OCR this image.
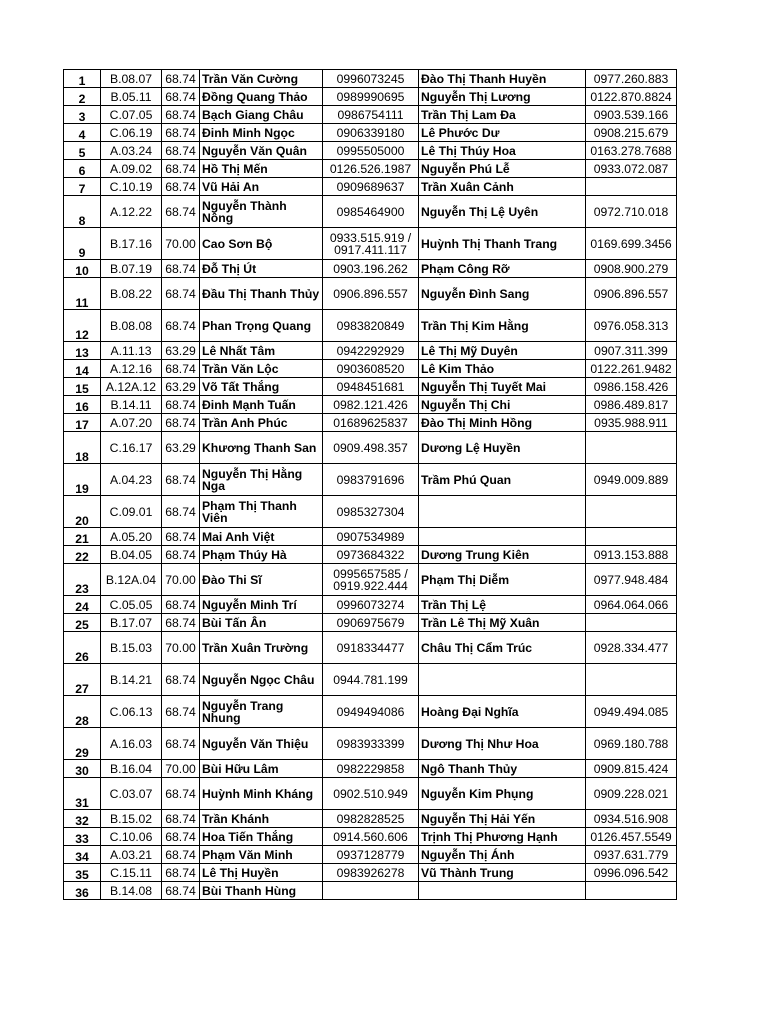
1	B.08.07	68.74	Trần Văn Cường	0996073245	Đào Thị Thanh Huyền	0977.260.883
2	B.05.11	68.74	Đồng Quang Thảo	0989990695	Nguyễn Thị Lương	0122.870.8824
3	C.07.05	68.74	Bạch Giang Châu	0986754111	Trần Thị Lam Đa	0903.539.166
4	C.06.19	68.74	Đinh Minh Ngọc	0906339180	Lê Phước Dư	0908.215.679
5	A.03.24	68.74	Nguyễn Văn Quân	0995505000	Lê Thị Thúy Hoa	0163.278.7688
6	A.09.02	68.74	Hồ Thị Mến	0126.526.1987	Nguyễn Phú Lễ	0933.072.087
7	C.10.19	68.74	Vũ Hải An	0909689637	Trần Xuân Cảnh	
8	A.12.22	68.74	Nguyễn Thành Nông	0985464900	Nguyễn Thị Lệ Uyên	0972.710.018
9	B.17.16	70.00	Cao Sơn Bộ	0933.515.919 / 0917.411.117	Huỳnh Thị Thanh Trang	0169.699.3456
10	B.07.19	68.74	Đỗ Thị Út	0903.196.262	Phạm Công Rỡ	0908.900.279
11	B.08.22	68.74	Đầu Thị Thanh Thủy	0906.896.557	Nguyễn Đình Sang	0906.896.557
12	B.08.08	68.74	Phan Trọng Quang	0983820849	Trần Thị Kim Hằng	0976.058.313
13	A.11.13	63.29	Lê Nhất Tâm	0942292929	Lê Thị Mỹ Duyên	0907.311.399
14	A.12.16	68.74	Trần Văn Lộc	0903608520	Lê Kim Thảo	0122.261.9482
15	A.12A.12	63.29	Võ Tất Thắng	0948451681	Nguyễn Thị Tuyết Mai	0986.158.426
16	B.14.11	68.74	Đinh Mạnh Tuấn	0982.121.426	Nguyễn Thị Chi	0986.489.817
17	A.07.20	68.74	Trần Anh Phúc	01689625837	Đào Thị Minh Hồng	0935.988.911
18	C.16.17	63.29	Khương Thanh San	0909.498.357	Dương Lệ Huyền	
19	A.04.23	68.74	Nguyễn Thị Hằng Nga	0983791696	Trầm Phú Quan	0949.009.889
20	C.09.01	68.74	Phạm Thị Thanh Viên	0985327304		
21	A.05.20	68.74	Mai Anh Việt	0907534989		
22	B.04.05	68.74	Phạm Thúy Hà	0973684322	Dương Trung Kiên	0913.153.888
23	B.12A.04	70.00	Đào Thi Sĩ	0995657585 / 0919.922.444	Phạm Thị Diễm	0977.948.484
24	C.05.05	68.74	Nguyễn Minh Trí	0996073274	Trần Thị Lệ	0964.064.066
25	B.17.07	68.74	Bùi Tấn Ân	0906975679	Trần Lê Thị Mỹ Xuân	
26	B.15.03	70.00	Trần Xuân Trường	0918334477	Châu Thị Cẩm Trúc	0928.334.477
27	B.14.21	68.74	Nguyễn Ngọc Châu	0944.781.199		
28	C.06.13	68.74	Nguyễn Trang Nhung	0949494086	Hoàng Đại Nghĩa	0949.494.085
29	A.16.03	68.74	Nguyễn Văn Thiệu	0983933399	Dương Thị Như Hoa	0969.180.788
30	B.16.04	70.00	Bùi Hữu Lâm	0982229858	Ngô Thanh Thủy	0909.815.424
31	C.03.07	68.74	Huỳnh Minh Kháng	0902.510.949	Nguyễn Kim Phụng	0909.228.021
32	B.15.02	68.74	Trần Khánh	0982828525	Nguyễn Thị Hải Yến	0934.516.908
33	C.10.06	68.74	Hoa Tiến Thắng	0914.560.606	Trịnh Thị Phương Hạnh	0126.457.5549
34	A.03.21	68.74	Phạm Văn Minh	0937128779	Nguyễn Thị Ánh	0937.631.779
35	C.15.11	68.74	Lê Thị Huyền	0983926278	Vũ Thành Trung	0996.096.542
36	B.14.08	68.74	Bùi Thanh Hùng			
